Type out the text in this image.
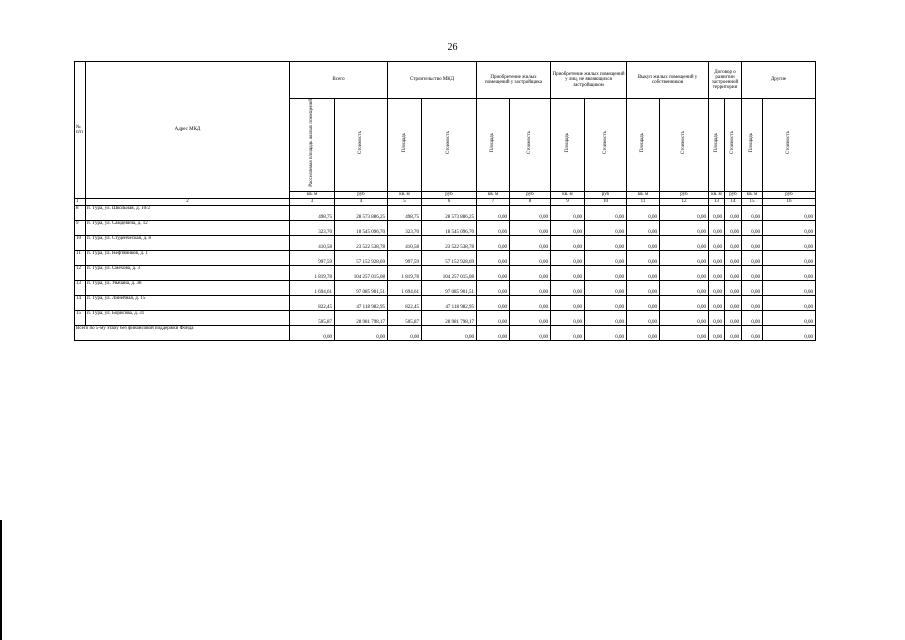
26
№ п/п	Адрес МКД	Всего		Строительство МКД		Приобретение жилых помещений у застройщика		Приобретение жилых помещений у лиц, не являющихся застройщиком		Выкуп жилых помещений у собственников		Договор о развитии застроенной территории		Другие	
		Расселяемая площадь жилых помещений	Стоимость	Площадь	Стоимость	Площадь	Стоимость	Площадь	Стоимость	Площадь	Стоимость	Площадь	Стоимость	Площадь	Стоимость
		кв. м	руб	кв. м	руб	кв. м	руб	кв. м	руб	кв. м	руб	кв. м	руб	кв. м	руб
1	2	3	4	5	6	7	8	9	10	11	12	13	14	15	16
8	п. Тура, ул. Школьная, д. 10/2	498,75	28 573 886,25	498,75	28 573 886,25	0,00	0,00	0,00	0,00	0,00	0,00	0,00	0,00	0,00	0,00
9	п. Тура, ул. Самдевича, д. 12	323,70	18 545 096,70	323,70	18 545 096,70	0,00	0,00	0,00	0,00	0,00	0,00	0,00	0,00	0,00	0,00
10	п. Тура, ул. Студенческая, д. 8	410,58	23 522 538,78	410,58	23 522 538,78	0,00	0,00	0,00	0,00	0,00	0,00	0,00	0,00	0,00	0,00
11	п. Тура, ул. Нефтяников, д. 1	997,59	57 152 928,69	997,59	57 152 928,69	0,00	0,00	0,00	0,00	0,00	0,00	0,00	0,00	0,00	0,00
12	п. Тура, ул. Смехова, д. 3	1 819,78	104 257 015,08	1 819,78	104 257 015,08	0,00	0,00	0,00	0,00	0,00	0,00	0,00	0,00	0,00	0,00
13	п. Тура, ул. Увачана, д. 38	1 694,61	97 085 901,51	1 694,61	97 085 901,51	0,00	0,00	0,00	0,00	0,00	0,00	0,00	0,00	0,00	0,00
14	п. Тура, ул. Линейная, д. 15	822,45	47 118 982,95	822,45	47 118 982,95	0,00	0,00	0,00	0,00	0,00	0,00	0,00	0,00	0,00	0,00
15	п. Тура, ул. Борисова, д. 31	505,87	28 981 798,17	505,87	28 981 798,17	0,00	0,00	0,00	0,00	0,00	0,00	0,00	0,00	0,00	0,00
Всего по 5-му этапу без финансовой поддержки Фонда		0,00	0,00	0,00	0,00	0,00	0,00	0,00	0,00	0,00	0,00	0,00	0,00	0,00	0,00
